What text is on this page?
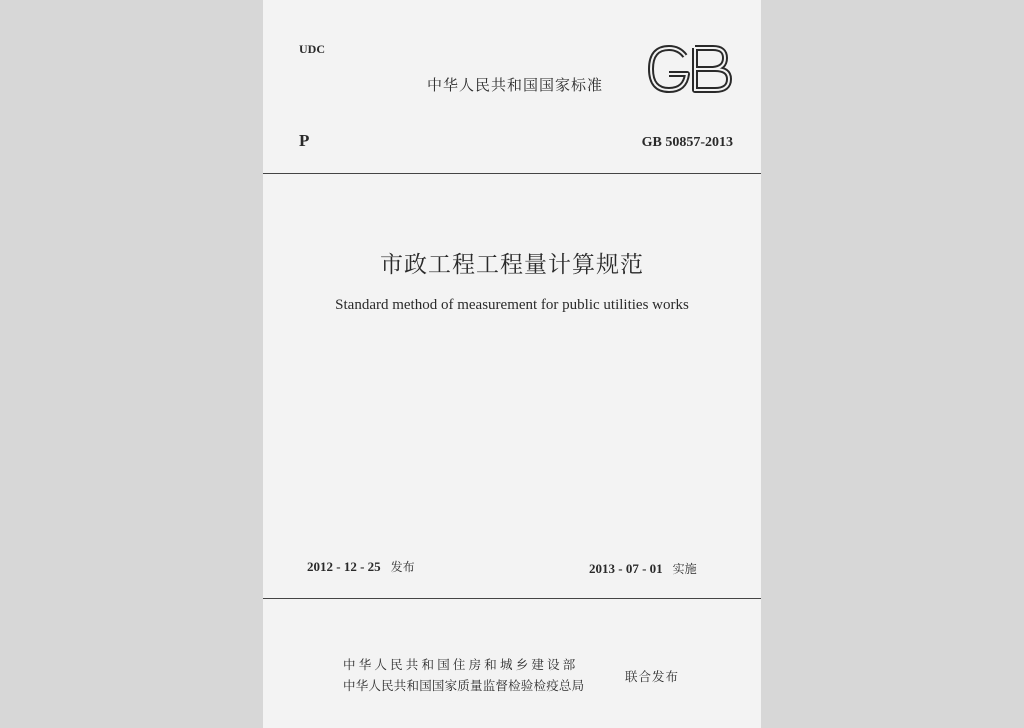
UDC
中华人民共和国国家标准
P	GB 50857-2013
市政工程工程量计算规范
Standard method of measurement for public utilities works
2012 - 12 - 25 发布	2013 - 07 - 01 实施
中华人民共和国住房和城乡建设部
中华人民共和国国家质量监督检验检疫总局
联合发布
